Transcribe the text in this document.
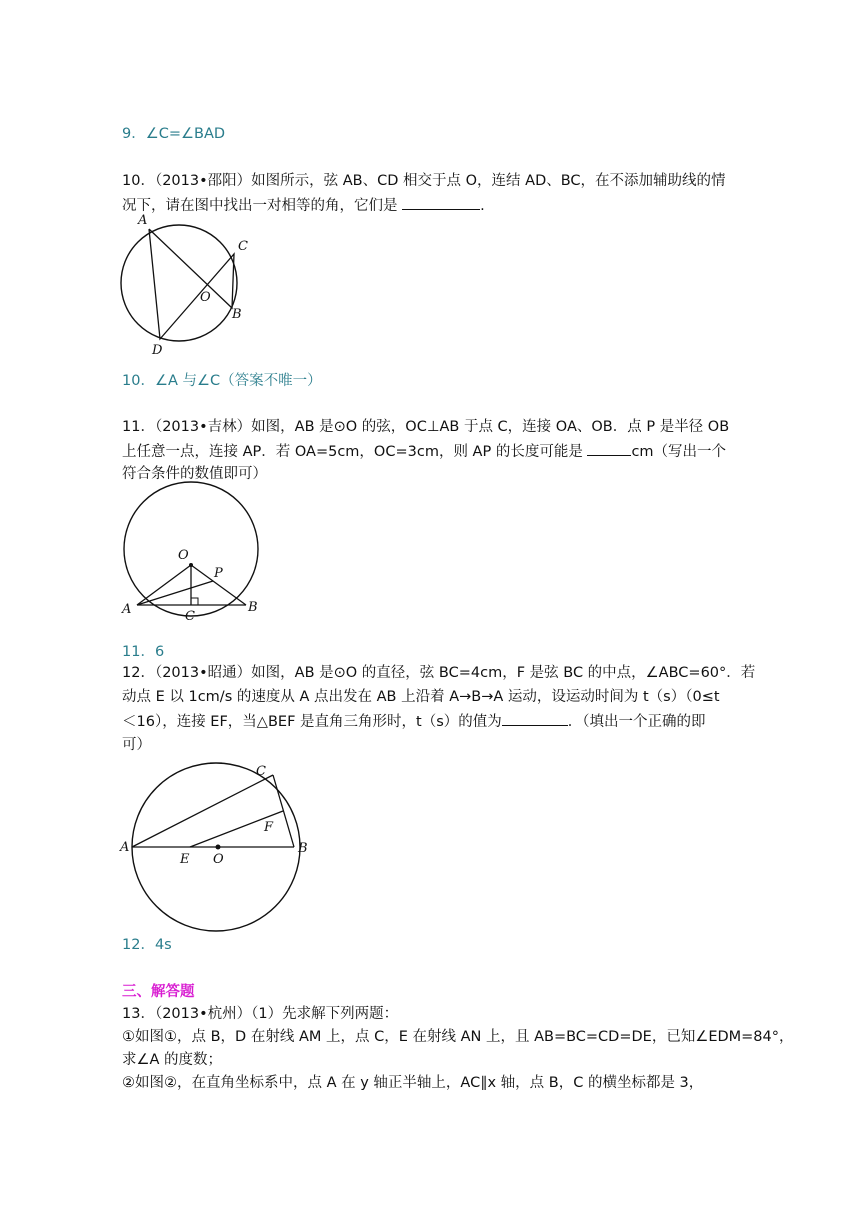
9．∠C=∠BAD
10．（2013•邵阳）如图所示，弦 AB、CD 相交于点 O，连结 AD、BC，在不添加辅助线的情
况下，请在图中找出一对相等的角，它们是	.
A
B
C
D
O
10．∠A 与∠C（答案不唯一）
11．（2013•吉林）如图，AB 是⊙O 的弦，OC⊥AB 于点 C，连接 OA、OB．点 P 是半径 OB
上任意一点，连接 AP．若 OA=5cm，OC=3cm，则 AP 的长度可能是	cm（写出一个
符合条件的数值即可）
O
P
A	C
B
11．6
12．（2013•昭通）如图，AB 是⊙O 的直径，弦 BC=4cm，F 是弦 BC 的中点，∠ABC=60°．若
动点 E 以 1cm/s 的速度从 A 点出发在 AB 上沿着 A→B→A 运动，设运动时间为 t（s）（0≤t
＜16），连接 EF，当△BEF 是直角三角形时，t（s）的值为	．（填出一个正确的即
可）
C
F
A
E O
B
12．4s
三、解答题
13．（2013•杭州）（1）先求解下列两题：
①如图①，点 B，D 在射线 AM 上，点 C，E 在射线 AN 上，且 AB=BC=CD=DE，已知∠EDM=84°，
求∠A 的度数；
②如图②，在直角坐标系中，点 A 在 y 轴正半轴上，AC∥x 轴，点 B，C 的横坐标都是 3，
